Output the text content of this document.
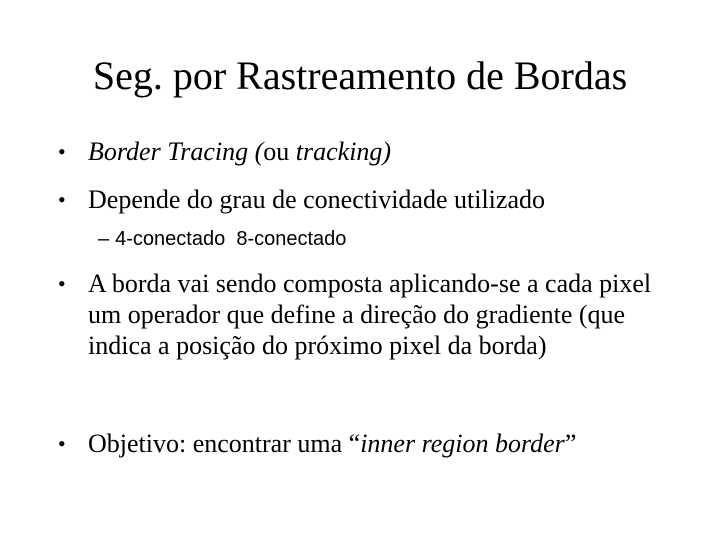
Seg. por Rastreamento de Bordas
• Border Tracing (ou tracking)
• Depende do grau de conectividade utilizado
– 4-conectado  8-conectado
• A borda vai sendo composta aplicando-se a cada pixel um operador que define a direção do gradiente (que indica a posição do próximo pixel da borda)
• Objetivo: encontrar uma “inner region border”
